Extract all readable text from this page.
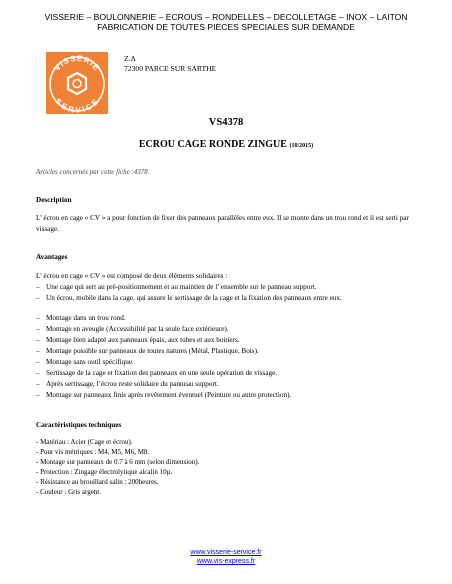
VISSERIE – BOULONNERIE – ECROUS – RONDELLES – DECOLLETAGE – INOX – LAITON
FABRICATION DE TOUTES PIECES SPECIALES SUR DEMANDE
VISSERIE
SERVICE
Z.A
72300 PARCE SUR SARTHE
VS4378
ECROU CAGE RONDE ZINGUE (10/2015)
Articles concernés par cette fiche :4378
Description
L’ écrou en cage « CV » a pour fonction de fixer des panneaux parallèles entre eux. Il se monte dans un trou rond et il est serti par vissage.
Avantages
L’ écrou en cage « CV » est composé de deux éléments solidaires :
– Une cage qui sert au pré-positionnement et au maintien de l’ ensemble sur le panneau support.
– Un écrou, mobile dans la cage, qui assure le sertissage de la cage et la fixation des panneaux entre eux.
– Montage dans un trou rond.
– Montage en aveugle (Accessibilité par la seule face extérieure).
– Montage bien adapté aux panneaux épais, aux tubes et aux boitiers.
– Montage possible sur panneaux de toutes natures (Métal, Plastique, Bois).
– Montage sans outil spécifique.
– Sertissage de la cage et fixation des panneaux en une seule opération de vissage.
– Après sertissage, l’écrou reste solidaire du panneau support.
– Montage sur panneaux finis après revêtement éventuel (Peinture ou autre protection).
Caractéristiques techniques
- Matériau : Acier (Cage et écrou).
- Pour vis métriques : M4, M5, M6, M8.
- Montage sur panneaux de 0.7 à 6 mm (selon dimension).
- Protection : Zingage électrolytique alcalin 10µ.
- Résistance au brouillard salin : 200heures.
- Couleur : Gris argent.
www.visserie-service.fr
www.vis-express.fr
